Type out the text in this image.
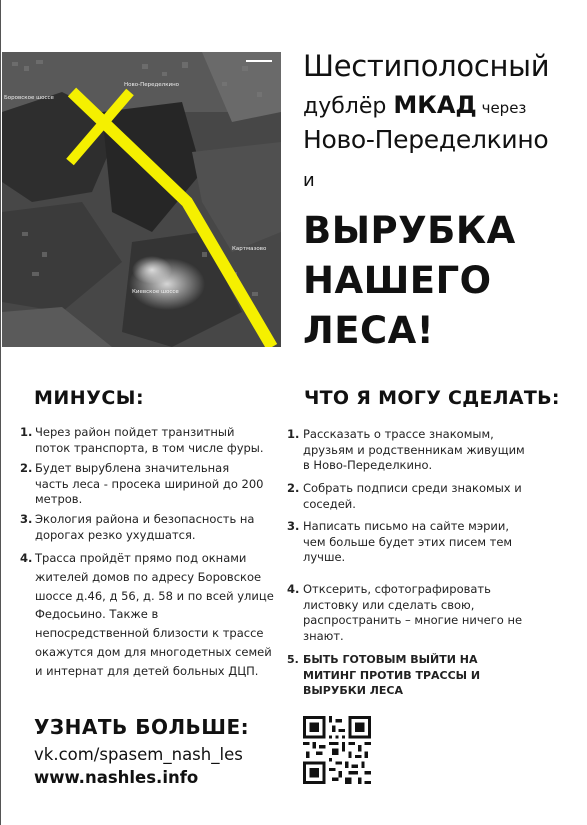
Боровское шоссе
Ново-Переделкино
Картмазово
Киевское шоссе
Шестиполосный
дублёр МКАД через
Ново-Переделкино
и
ВЫРУБКА
НАШЕГО
ЛЕСА!
МИНУСЫ:
1. Через район пойдет транзитный поток транспорта, в том числе фуры.
2. Будет вырублена значительная часть леса - просека шириной до 200 метров.
3. Экология района и безопасность на дорогах резко ухудшатся.
4. Трасса пройдёт прямо под окнами жителей домов по адресу Боровское шоссе д.46, д 56, д. 58 и по всей улице Федосьино. Также в непосредственной близости к трассе окажутся дом для многодетных семей и интернат для детей больных ДЦП.
ЧТО Я МОГУ СДЕЛАТЬ:
1. Рассказать о трассе знакомым, друзьям и родственникам живущим в Ново-Переделкино.
2. Собрать подписи среди знакомых и соседей.
3. Написать письмо на сайте мэрии, чем больше будет этих писем тем лучше.
4. Отксерить, сфотографировать листовку или сделать свою, распространить – многие ничего не знают.
5. БЫТЬ ГОТОВЫМ ВЫЙТИ НА МИТИНГ ПРОТИВ ТРАССЫ И ВЫРУБКИ ЛЕСА
УЗНАТЬ БОЛЬШЕ:
vk.com/spasem_nash_les
www.nashles.info
